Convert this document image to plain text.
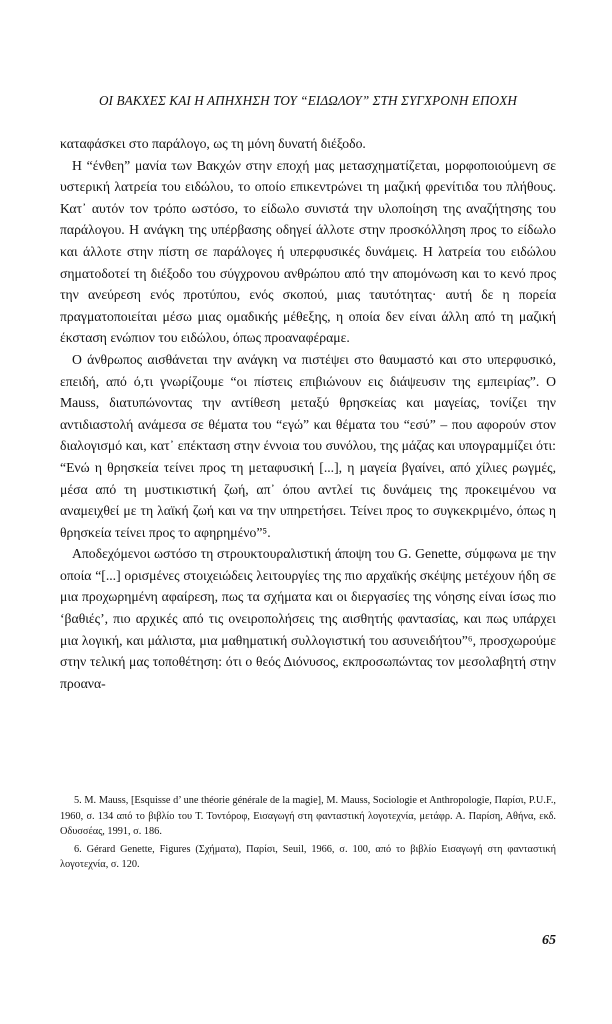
ΟΙ ΒΑΚΧΕΣ ΚΑΙ Η ΑΠΗΧΗΣΗ ΤΟΥ “ΕΙΔΩΛΟΥ” ΣΤΗ ΣΥΓΧΡΟΝΗ ΕΠΟΧΗ

καταφάσκει στο παράλογο, ως τη μόνη δυνατή διέξοδο.

Η “ένθεη” μανία των Βακχών στην εποχή μας μετασχηματίζεται, μορφοποιούμενη σε υστερική λατρεία του ειδώλου, το οποίο επικεντρώνει τη μαζική φρενίτιδα του πλήθους. Κατ᾽ αυτόν τον τρόπο ωστόσο, το είδωλο συνιστά την υλοποίηση της αναζήτησης του παράλογου. Η ανάγκη της υπέρβασης οδηγεί άλλοτε στην προσκόλληση προς το είδωλο και άλλοτε στην πίστη σε παράλογες ή υπερφυσικές δυνάμεις. Η λατρεία του ειδώλου σηματοδοτεί τη διέξοδο του σύγχρονου ανθρώπου από την απομόνωση και το κενό προς την ανεύρεση ενός προτύπου, ενός σκοπού, μιας ταυτότητας· αυτή δε η πορεία πραγματοποιείται μέσω μιας ομαδικής μέθεξης, η οποία δεν είναι άλλη από τη μαζική έκσταση ενώπιον του ειδώλου, όπως προαναφέραμε.

Ο άνθρωπος αισθάνεται την ανάγκη να πιστέψει στο θαυμαστό και στο υπερφυσικό, επειδή, από ό,τι γνωρίζουμε “οι πίστεις επιβιώνουν εις διάψευσιν της εμπειρίας”. Ο Mauss, διατυπώνοντας την αντίθεση μεταξύ θρησκείας και μαγείας, τονίζει την αντιδιαστολή ανάμεσα σε θέματα του “εγώ” και θέματα του “εσύ” – που αφορούν στον διαλογισμό και, κατ᾽ επέκταση στην έννοια του συνόλου, της μάζας και υπογραμμίζει ότι: “Ενώ η θρησκεία τείνει προς τη μεταφυσική [...], η μαγεία βγαίνει, από χίλιες ρωγμές, μέσα από τη μυστικιστική ζωή, απ᾽ όπου αντλεί τις δυνάμεις της προκειμένου να αναμειχθεί με τη λαϊκή ζωή και να την υπηρετήσει. Τείνει προς το συγκεκριμένο, όπως η θρησκεία τείνει προς το αφηρημένο”⁵.

Αποδεχόμενοι ωστόσο τη στρουκτουραλιστική άποψη του G. Genette, σύμφωνα με την οποία “[...] ορισμένες στοιχειώδεις λειτουργίες της πιο αρχαϊκής σκέψης μετέχουν ήδη σε μια προχωρημένη αφαίρεση, πως τα σχήματα και οι διεργασίες της νόησης είναι ίσως πιο ‘βαθιές’, πιο αρχικές από τις ονειροπολήσεις της αισθητής φαντασίας, και πως υπάρχει μια λογική, και μάλιστα, μια μαθηματική συλλογιστική του ασυνειδήτου”⁶, προσχωρούμε στην τελική μας τοποθέτηση: ότι ο θεός Διόνυσος, εκπροσωπώντας τον μεσολαβητή στην προανα-

5. M. Mauss, [Esquisse d’ une théorie générale de la magie], M. Mauss, Sociologie et Anthropologie, Παρίσι, P.U.F., 1960, σ. 134 από το βιβλίο του Τ. Τοντόροφ, Εισαγωγή στη φανταστική λογοτεχνία, μετάφρ. Α. Παρίση, Αθήνα, εκδ. Οδυσσέας, 1991, σ. 186.

6. Gérard Genette, Figures (Σχήματα), Παρίσι, Seuil, 1966, σ. 100, από το βιβλίο Εισαγωγή στη φανταστική λογοτεχνία, σ. 120.

65
